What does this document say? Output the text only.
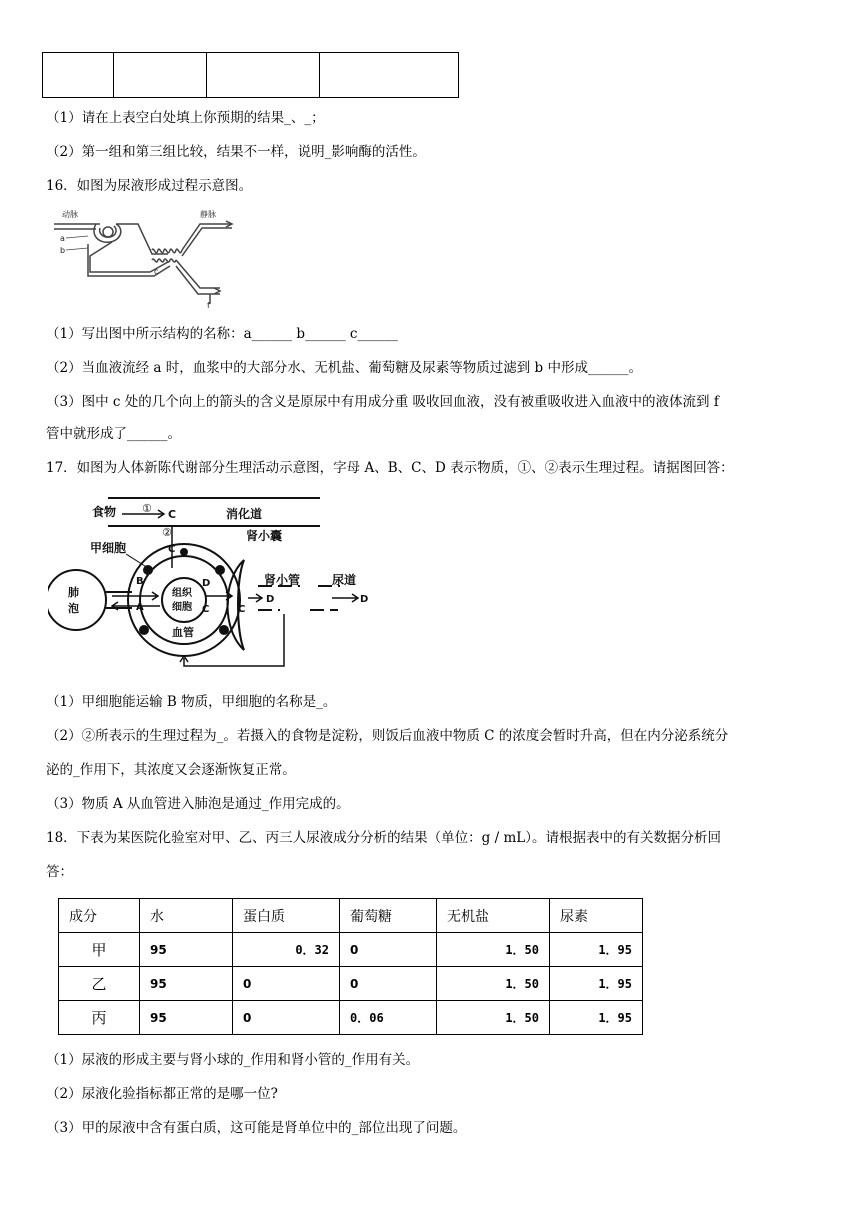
（1）请在上表空白处填上你预期的结果_、_；
（2）第一组和第三组比较，结果不一样，说明_影响酶的活性。
16．如图为尿液形成过程示意图。
动脉	静脉
a
b
c
f
（1）写出图中所示结构的名称：a______ b______ c______
（2）当血液流经 a 时，血浆中的大部分水、无机盐、葡萄糖及尿素等物质过滤到 b 中形成______。
（3）图中 c 处的几个向上的箭头的含义是原尿中有用成分重 吸收回血液，没有被重吸收进入血液中的液体流到 f
管中就形成了______。
17．如图为人体新陈代谢部分生理活动示意图，字母 A、B、C、D 表示物质，①、②表示生理过程。请据图回答：
食物 ① C	消化道
②
C
肾小囊
甲细胞
肺
泡
组织
细胞
血管
B
A
D
C
肾小管
D
C
尿道
D
（1）甲细胞能运输 B 物质，甲细胞的名称是_。
（2）②所表示的生理过程为_。若摄入的食物是淀粉，则饭后血液中物质 C 的浓度会暂时升高，但在内分泌系统分
泌的_作用下，其浓度又会逐渐恢复正常。
（3）物质 A 从血管进入肺泡是通过_作用完成的。
18．下表为某医院化验室对甲、乙、丙三人尿液成分分析的结果（单位：g / mL）。请根据表中的有关数据分析回
答：
成分	水	蛋白质	葡萄糖	无机盐	尿素
甲	95	0．32	0	1．50	1．95
乙	95	0	0	1．50	1．95
丙	95	0	0．06	1．50	1．95
（1）尿液的形成主要与肾小球的_作用和肾小管的_作用有关。
（2）尿液化验指标都正常的是哪一位?
（3）甲的尿液中含有蛋白质，这可能是肾单位中的_部位出现了问题。
